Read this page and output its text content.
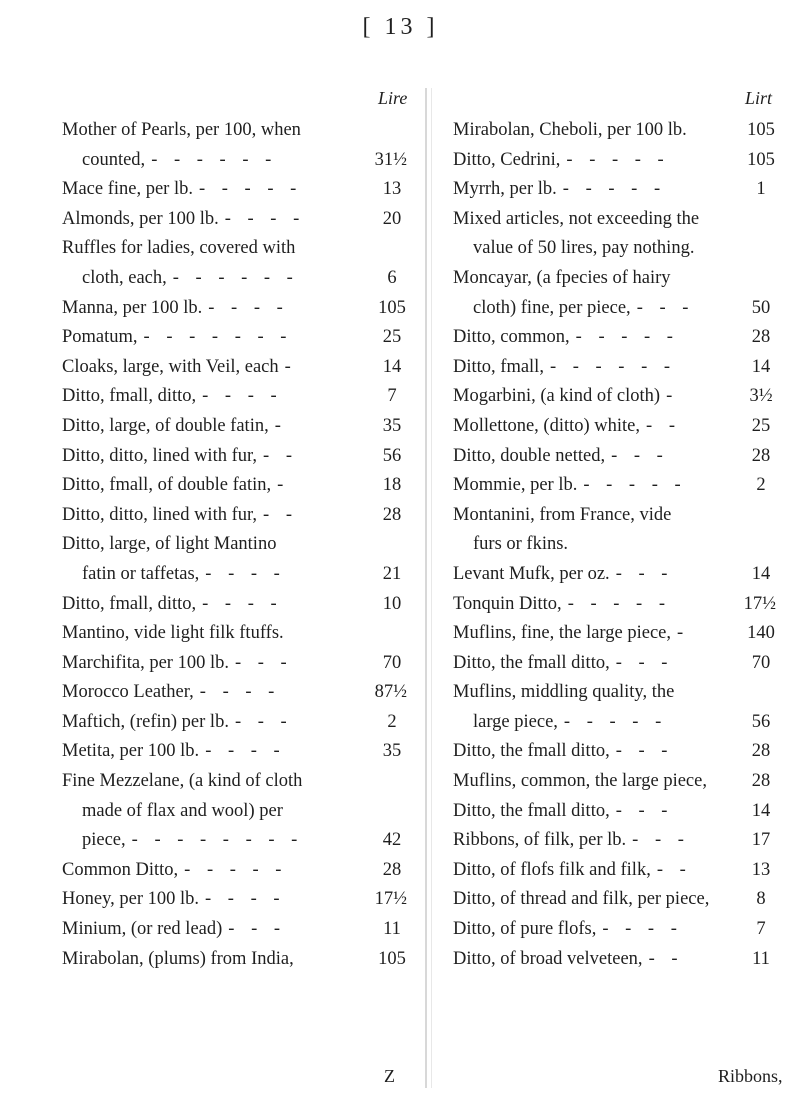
[ 13 ]
Lire	Lirt
Mother of Pearls, per 100, when
counted, - - - - - -	31½
Mace fine, per lb. - - - - -	13
Almonds, per 100 lb. - - - -	20
Ruffles for ladies, covered with
cloth, each, - - - - - -	6
Manna, per 100 lb. - - - -	105
Pomatum, - - - - - - -	25
Cloaks, large, with Veil, each -	14
Ditto, fmall, ditto, - - - -	7
Ditto, large, of double fatin, -	35
Ditto, ditto, lined with fur, - -	56
Ditto, fmall, of double fatin, -	18
Ditto, ditto, lined with fur, - -	28
Ditto, large, of light Mantino
fatin or taffetas, - - - -	21
Ditto, fmall, ditto, - - - -	10
Mantino, vide light filk ftuffs.
Marchifita, per 100 lb. - - -	70
Morocco Leather, - - - -	87½
Maftich, (refin) per lb. - - -	2
Metita, per 100 lb. - - - -	35
Fine Mezzelane, (a kind of cloth
made of flax and wool) per
piece, - - - - - - - -	42
Common Ditto, - - - - -	28
Honey, per 100 lb. - - - -	17½
Minium, (or red lead) - - -	11
Mirabolan, (plums) from India,	105
Mirabolan, Cheboli, per 100 lb.	105
Ditto, Cedrini, - - - - -	105
Myrrh, per lb. - - - - -	1
Mixed articles, not exceeding the
value of 50 lires, pay nothing.
Moncayar, (a fpecies of hairy
cloth) fine, per piece, - - -	50
Ditto, common, - - - - -	28
Ditto, fmall, - - - - - -	14
Mogarbini, (a kind of cloth) -	3½
Mollettone, (ditto) white, - -	25
Ditto, double netted, - - -	28
Mommie, per lb. - - - - -	2
Montanini, from France, vide
furs or fkins.
Levant Mufk, per oz. - - -	14
Tonquin Ditto, - - - - -	17½
Muflins, fine, the large piece, -	140
Ditto, the fmall ditto, - - -	70
Muflins, middling quality, the
large piece, - - - - -	56
Ditto, the fmall ditto, - - -	28
Muflins, common, the large piece,	28
Ditto, the fmall ditto, - - -	14
Ribbons, of filk, per lb. - - -	17
Ditto, of flofs filk and filk, - -	13
Ditto, of thread and filk, per piece,	8
Ditto, of pure flofs, - - - -	7
Ditto, of broad velveteen, - -	11
Z	Ribbons,
